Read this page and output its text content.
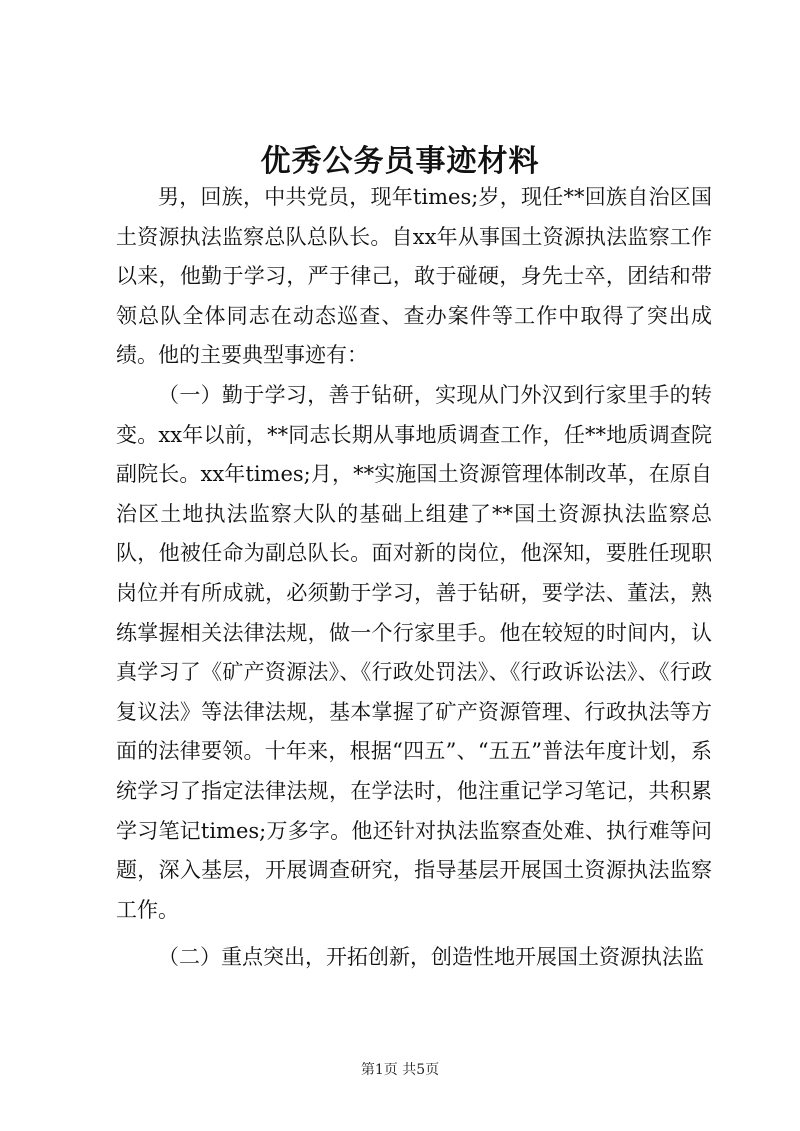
优秀公务员事迹材料

男，回族，中共党员，现年times;岁，现任**回族自治区国土资源执法监察总队总队长。自xx年从事国土资源执法监察工作以来，他勤于学习，严于律己，敢于碰硬，身先士卒，团结和带领总队全体同志在动态巡查、查办案件等工作中取得了突出成绩。他的主要典型事迹有：

（一）勤于学习，善于钻研，实现从门外汉到行家里手的转变。xx年以前，**同志长期从事地质调查工作，任**地质调查院副院长。xx年times;月，**实施国土资源管理体制改革，在原自治区土地执法监察大队的基础上组建了**国土资源执法监察总队，他被任命为副总队长。面对新的岗位，他深知，要胜任现职岗位并有所成就，必须勤于学习，善于钻研，要学法、董法，熟练掌握相关法律法规，做一个行家里手。他在较短的时间内，认真学习了《矿产资源法》、《行政处罚法》、《行政诉讼法》、《行政复议法》等法律法规，基本掌握了矿产资源管理、行政执法等方面的法律要领。十年来，根据“四五”、“五五”普法年度计划，系统学习了指定法律法规，在学法时，他注重记学习笔记，共积累学习笔记times;万多字。他还针对执法监察查处难、执行难等问题，深入基层，开展调查研究，指导基层开展国土资源执法监察工作。

（二）重点突出，开拓创新，创造性地开展国土资源执法监

第1页 共5页
